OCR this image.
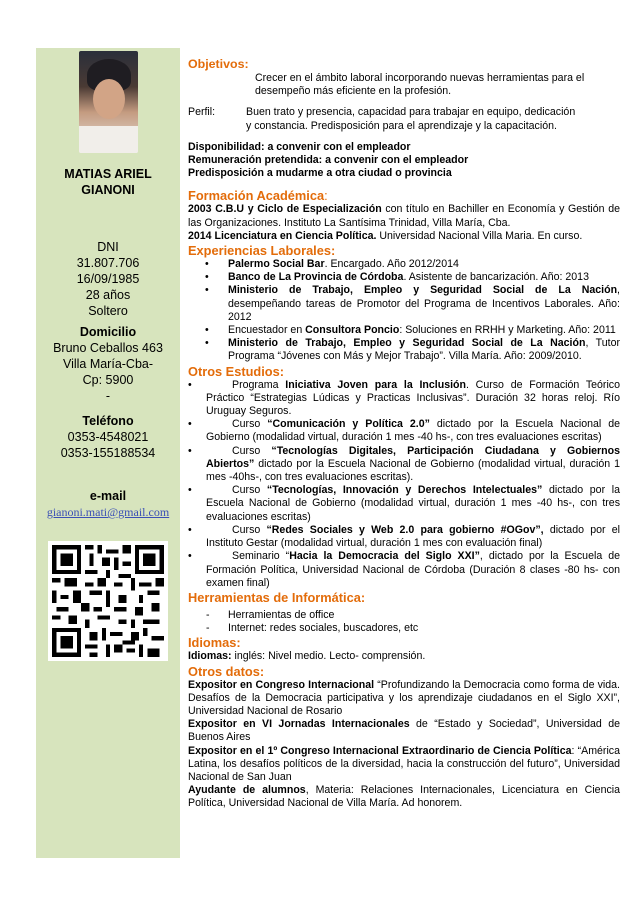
MATIAS ARIEL
GIANONI
DNI
31.807.706
16/09/1985
28 años
Soltero
Domicilio
Bruno Ceballos 463
Villa María-Cba-
Cp: 5900
-
Teléfono
0353-4548021
0353-155188534
e-mail
gianoni.mati@gmail.com
Objetivos:
Crecer en el ámbito laboral incorporando nuevas herramientas para el
desempeño más eficiente en la profesión.
Perfil:	Buen trato y presencia, capacidad para trabajar en equipo, dedicación
y constancia. Predisposición para el aprendizaje y la capacitación.
Disponibilidad: a convenir con el empleador
Remuneración pretendida: a convenir con el empleador
Predisposición a mudarme a otra ciudad o provincia
Formación Académica:
2003 C.B.U y Ciclo de Especialización con título en Bachiller en Economía y Gestión de las Organizaciones. Instituto La Santísima Trinidad, Villa María, Cba.
2014 Licenciatura en Ciencia Política. Universidad Nacional Villa Maria. En curso.
Experiencias Laborales:
• Palermo Social Bar. Encargado. Año 2012/2014
• Banco de La Provincia de Córdoba. Asistente de bancarización. Año: 2013
• Ministerio de Trabajo, Empleo y Seguridad Social de La Nación, desempeñando tareas de Promotor del Programa de Incentivos Laborales. Año: 2012
• Encuestador en Consultora Poncio: Soluciones en RRHH y Marketing. Año: 2011
• Ministerio de Trabajo, Empleo y Seguridad Social de La Nación, Tutor Programa “Jóvenes con Más y Mejor Trabajo”. Villa María. Año: 2009/2010.
Otros Estudios:
• Programa Iniciativa Joven para la Inclusión. Curso de Formación Teórico Práctico “Estrategias Lúdicas y Practicas Inclusivas”. Duración 32 horas reloj. Río Uruguay Seguros.
• Curso “Comunicación y Política 2.0” dictado por la Escuela Nacional de Gobierno (modalidad virtual, duración 1 mes -40 hs-, con tres evaluaciones escritas)
• Curso “Tecnologías Digitales, Participación Ciudadana y Gobiernos Abiertos” dictado por la Escuela Nacional de Gobierno (modalidad virtual, duración 1 mes -40hs-, con tres evaluaciones escritas).
• Curso “Tecnologías, Innovación y Derechos Intelectuales” dictado por la Escuela Nacional de Gobierno (modalidad virtual, duración 1 mes -40 hs-, con tres evaluaciones escritas)
• Curso “Redes Sociales y Web 2.0 para gobierno #OGov”, dictado por el Instituto Gestar (modalidad virtual, duración 1 mes con evaluación final)
• Seminario “Hacia la Democracia del Siglo XXI”, dictado por la Escuela de Formación Política, Universidad Nacional de Córdoba (Duración 8 clases -80 hs- con examen final)
Herramientas de Informática:
- Herramientas de office
- Internet: redes sociales, buscadores, etc
Idiomas:
Idiomas: inglés: Nivel medio. Lecto- comprensión.
Otros datos:
Expositor en Congreso Internacional “Profundizando la Democracia como forma de vida. Desafíos de la Democracia participativa y los aprendizaje ciudadanos en el Siglo XXI”, Universidad Nacional de Rosario
Expositor en VI Jornadas Internacionales de “Estado y Sociedad”, Universidad de Buenos Aires
Expositor en el 1º Congreso Internacional Extraordinario de Ciencia Política: “América Latina, los desafíos políticos de la diversidad, hacia la construcción del futuro”, Universidad Nacional de San Juan
Ayudante de alumnos, Materia: Relaciones Internacionales, Licenciatura en Ciencia Política, Universidad Nacional de Villa María. Ad honorem.
